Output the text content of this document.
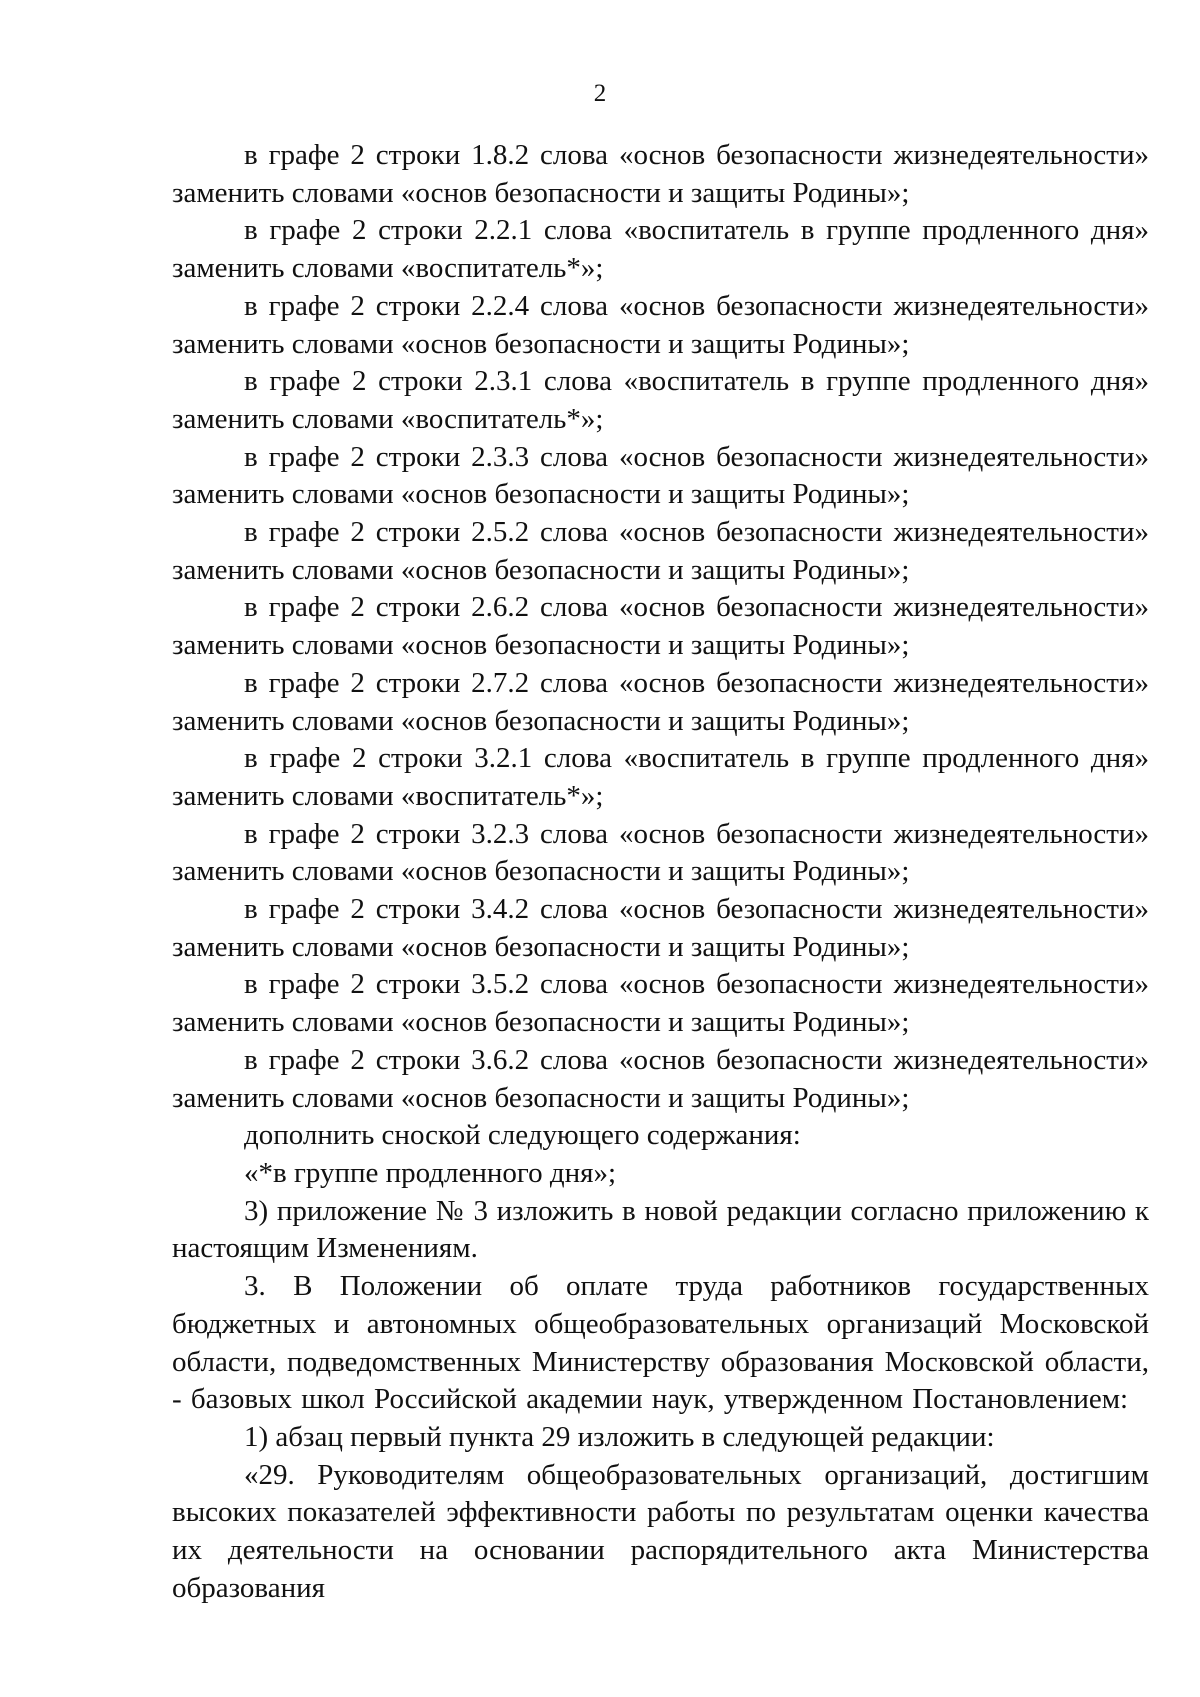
2

в графе 2 строки 1.8.2 слова «основ безопасности жизнедеятельности» заменить словами «основ безопасности и защиты Родины»;

в графе 2 строки 2.2.1 слова «воспитатель в группе продленного дня» заменить словами «воспитатель*»;

в графе 2 строки 2.2.4 слова «основ безопасности жизнедеятельности» заменить словами «основ безопасности и защиты Родины»;

в графе 2 строки 2.3.1 слова «воспитатель в группе продленного дня» заменить словами «воспитатель*»;

в графе 2 строки 2.3.3 слова «основ безопасности жизнедеятельности» заменить словами «основ безопасности и защиты Родины»;

в графе 2 строки 2.5.2 слова «основ безопасности жизнедеятельности» заменить словами «основ безопасности и защиты Родины»;

в графе 2 строки 2.6.2 слова «основ безопасности жизнедеятельности» заменить словами «основ безопасности и защиты Родины»;

в графе 2 строки 2.7.2 слова «основ безопасности жизнедеятельности» заменить словами «основ безопасности и защиты Родины»;

в графе 2 строки 3.2.1 слова «воспитатель в группе продленного дня» заменить словами «воспитатель*»;

в графе 2 строки 3.2.3 слова «основ безопасности жизнедеятельности» заменить словами «основ безопасности и защиты Родины»;

в графе 2 строки 3.4.2 слова «основ безопасности жизнедеятельности» заменить словами «основ безопасности и защиты Родины»;

в графе 2 строки 3.5.2 слова «основ безопасности жизнедеятельности» заменить словами «основ безопасности и защиты Родины»;

в графе 2 строки 3.6.2 слова «основ безопасности жизнедеятельности» заменить словами «основ безопасности и защиты Родины»;

дополнить сноской следующего содержания:

«*в группе продленного дня»;

3) приложение № 3 изложить в новой редакции согласно приложению к настоящим Изменениям.

3. В Положении об оплате труда работников государственных бюджетных и автономных общеобразовательных организаций Московской области, подведомственных Министерству образования Московской области, - базовых школ Российской академии наук, утвержденном Постановлением:

1) абзац первый пункта 29 изложить в следующей редакции:

«29. Руководителям общеобразовательных организаций, достигшим высоких показателей эффективности работы по результатам оценки качества их деятельности на основании распорядительного акта Министерства образования
